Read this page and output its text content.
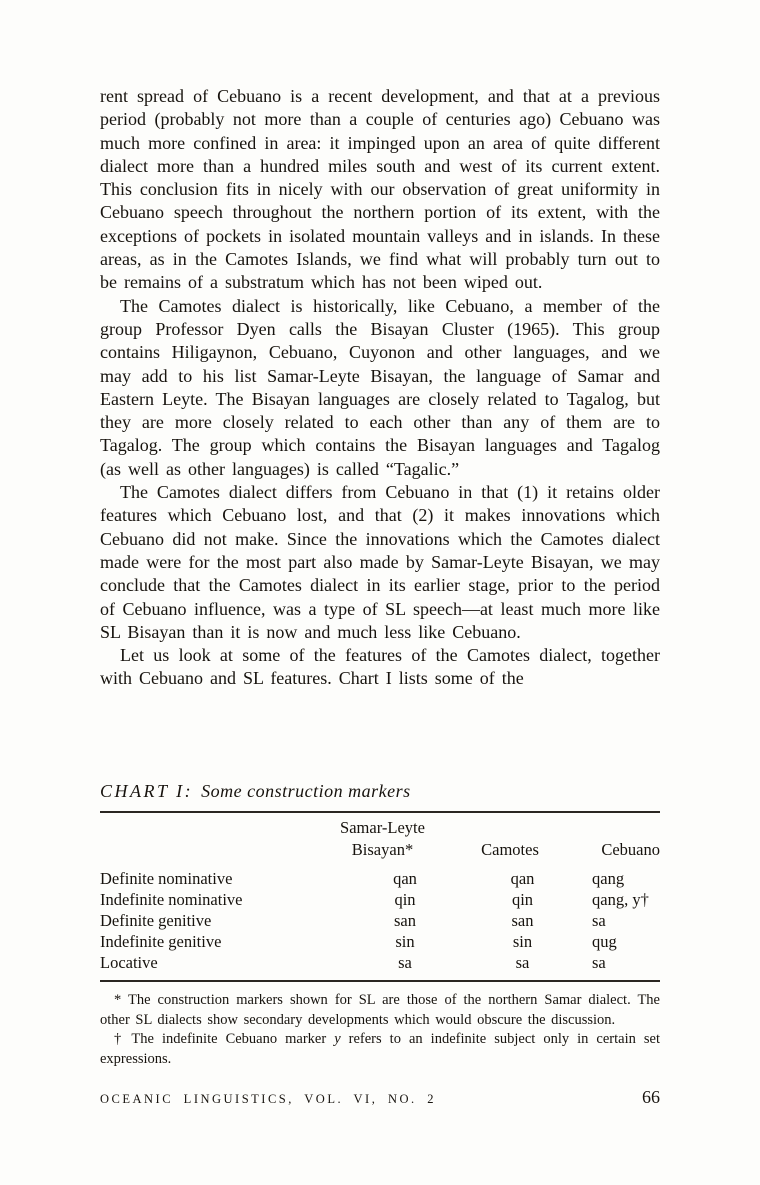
rent spread of Cebuano is a recent development, and that at a previous period (probably not more than a couple of centuries ago) Cebuano was much more confined in area: it impinged upon an area of quite different dialect more than a hundred miles south and west of its current extent. This conclusion fits in nicely with our observation of great uniformity in Cebuano speech throughout the northern portion of its extent, with the exceptions of pockets in isolated mountain valleys and in islands. In these areas, as in the Camotes Islands, we find what will probably turn out to be remains of a substratum which has not been wiped out.

The Camotes dialect is historically, like Cebuano, a member of the group Professor Dyen calls the Bisayan Cluster (1965). This group contains Hiligaynon, Cebuano, Cuyonon and other languages, and we may add to his list Samar-Leyte Bisayan, the language of Samar and Eastern Leyte. The Bisayan languages are closely related to Tagalog, but they are more closely related to each other than any of them are to Tagalog. The group which contains the Bisayan languages and Tagalog (as well as other languages) is called “Tagalic.”

The Camotes dialect differs from Cebuano in that (1) it retains older features which Cebuano lost, and that (2) it makes innovations which Cebuano did not make. Since the innovations which the Camotes dialect made were for the most part also made by Samar-Leyte Bisayan, we may conclude that the Camotes dialect in its earlier stage, prior to the period of Cebuano influence, was a type of SL speech—at least much more like SL Bisayan than it is now and much less like Cebuano.

Let us look at some of the features of the Camotes dialect, together with Cebuano and SL features. Chart I lists some of the

CHART I: Some construction markers
Samar-Leyte
Bisayan*	Camotes	Cebuano
Definite nominative	qan	qan	qang
Indefinite nominative	qin	qin	qang, y†
Definite genitive	san	san	sa
Indefinite genitive	sin	sin	qug
Locative	sa	sa	sa

* The construction markers shown for SL are those of the northern Samar dialect. The other SL dialects show secondary developments which would obscure the discussion.

† The indefinite Cebuano marker y refers to an indefinite subject only in certain set expressions.

OCEANIC LINGUISTICS, VOL. VI, NO. 2	66
